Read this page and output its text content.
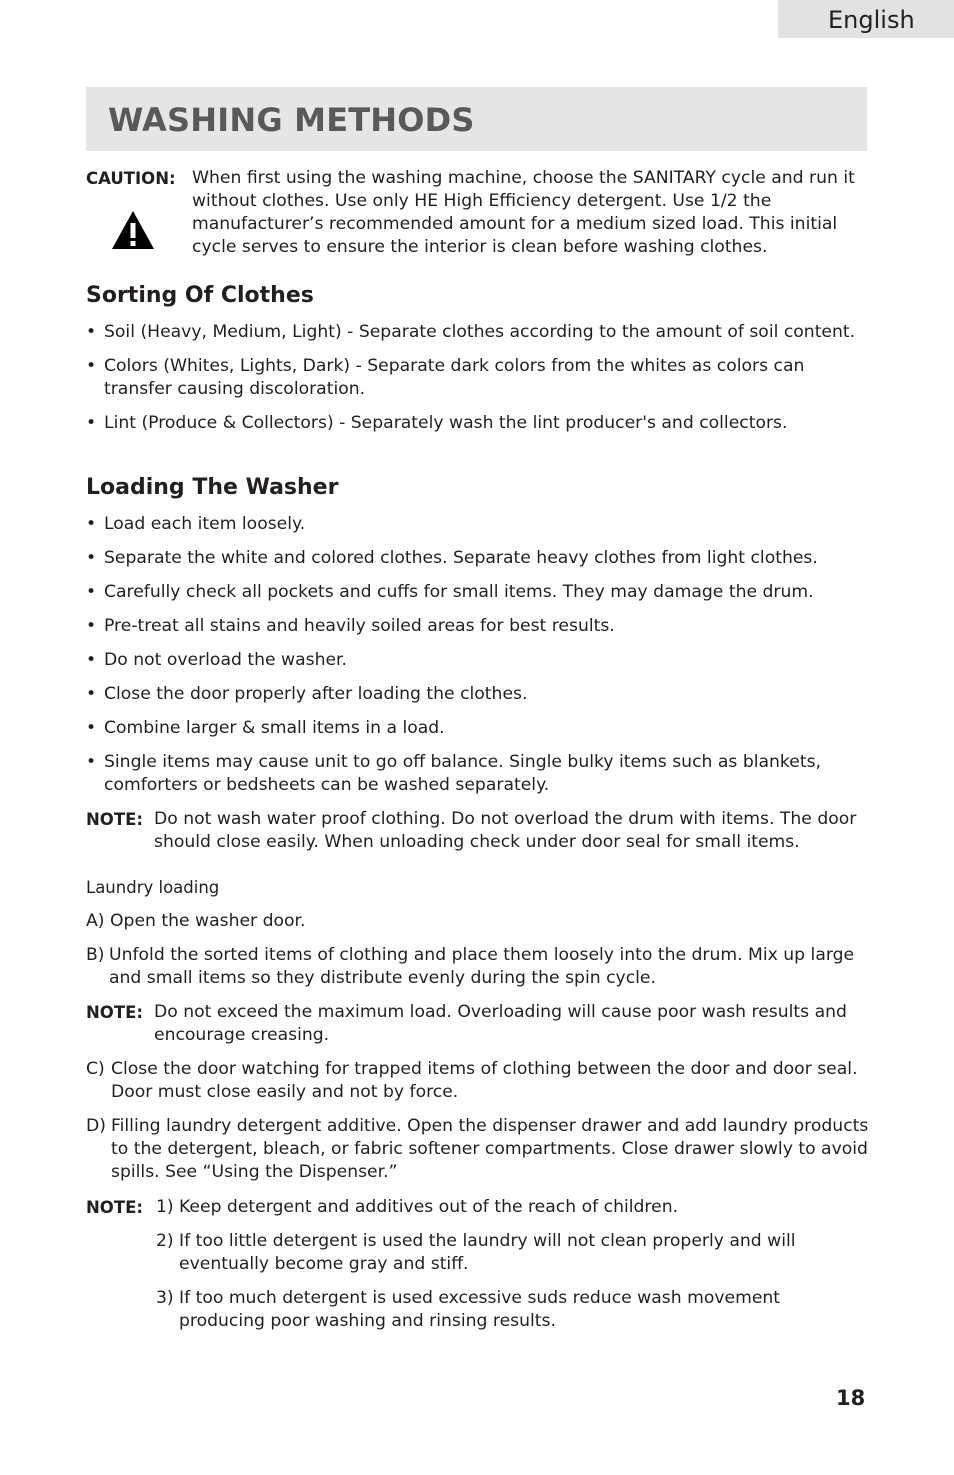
English
WASHING METHODS
CAUTION: When first using the washing machine, choose the SANITARY cycle and run it without clothes. Use only HE High Efficiency detergent. Use 1/2 the manufacturer’s recommended amount for a medium sized load. This initial cycle serves to ensure the interior is clean before washing clothes.

Sorting Of Clothes
• Soil (Heavy, Medium, Light) - Separate clothes according to the amount of soil content.
• Colors (Whites, Lights, Dark) - Separate dark colors from the whites as colors can transfer causing discoloration.
• Lint (Produce & Collectors) - Separately wash the lint producer's and collectors.
Loading The Washer
• Load each item loosely.
• Separate the white and colored clothes. Separate heavy clothes from light clothes.
• Carefully check all pockets and cuffs for small items. They may damage the drum.
• Pre-treat all stains and heavily soiled areas for best results.
• Do not overload the washer.
• Close the door properly after loading the clothes.
• Combine larger & small items in a load.
• Single items may cause unit to go off balance. Single bulky items such as blankets, comforters or bedsheets can be washed separately.
NOTE: Do not wash water proof clothing. Do not overload the drum with items. The door should close easily. When unloading check under door seal for small items.
Laundry loading
A) Open the washer door.
B) Unfold the sorted items of clothing and place them loosely into the drum. Mix up large and small items so they distribute evenly during the spin cycle.
NOTE: Do not exceed the maximum load. Overloading will cause poor wash results and encourage creasing.
C) Close the door watching for trapped items of clothing between the door and door seal. Door must close easily and not by force.
D) Filling laundry detergent additive. Open the dispenser drawer and add laundry products to the detergent, bleach, or fabric softener compartments. Close drawer slowly to avoid spills. See “Using the Dispenser.”
NOTE: 1) Keep detergent and additives out of the reach of children.
2) If too little detergent is used the laundry will not clean properly and will eventually become gray and stiff.
3) If too much detergent is used excessive suds reduce wash movement producing poor washing and rinsing results.
18
